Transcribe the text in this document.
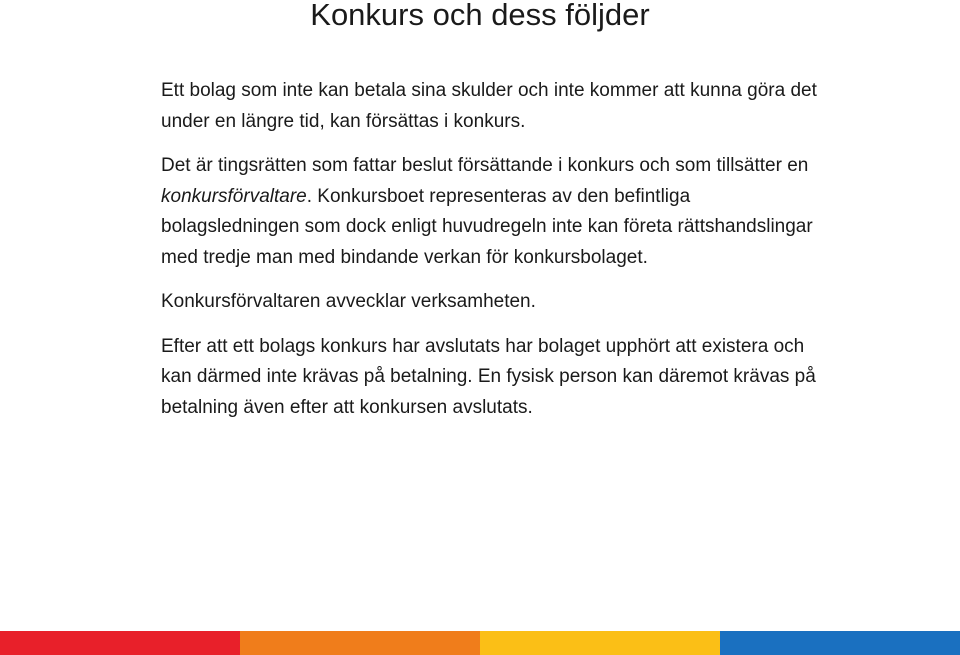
Konkurs och dess följder

Ett bolag som inte kan betala sina skulder och inte kommer att kunna göra det under en längre tid, kan försättas i konkurs.

Det är tingsrätten som fattar beslut försättande i konkurs och som tillsätter en konkursförvaltare. Konkursboet representeras av den befintliga bolagsledningen som dock enligt huvudregeln inte kan företa rättshandslingar med tredje man med bindande verkan för konkursbolaget.

Konkursförvaltaren avvecklar verksamheten.

Efter att ett bolags konkurs har avslutats har bolaget upphört att existera och kan därmed inte krävas på betalning. En fysisk person kan däremot krävas på betalning även efter att konkursen avslutats.
